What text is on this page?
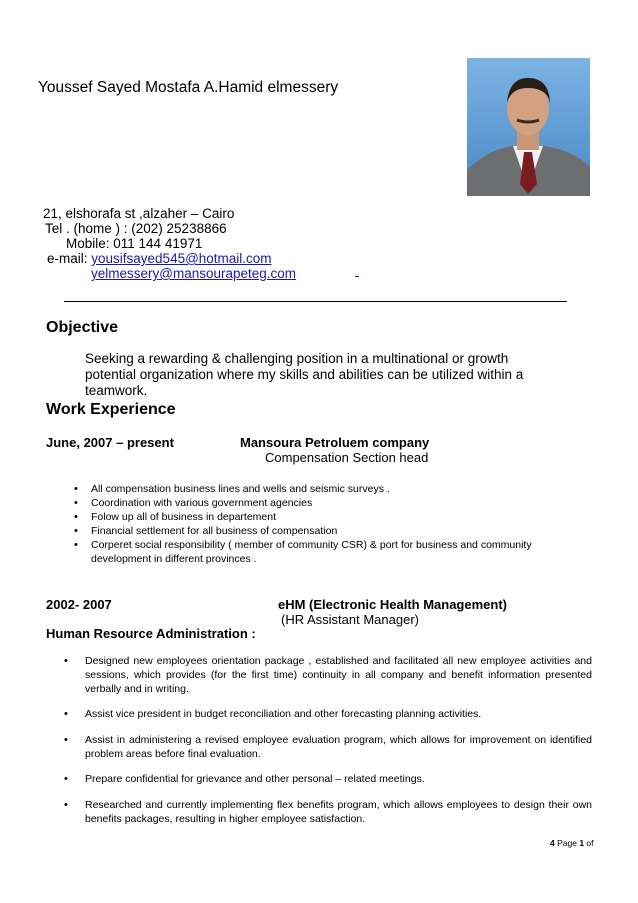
Youssef Sayed Mostafa A.Hamid elmessery
21, elshorafa st ,alzaher – Cairo
Tel . (home ) : (202) 25238866
Mobile: 011 144 41971
e-mail: yousifsayed545@hotmail.com
yelmessery@mansourapeteg.com
Objective
Seeking a rewarding & challenging position in a multinational or growth potential organization where my skills and abilities can be utilized within a teamwork.
Work Experience
June, 2007 – present	Mansoura Petroluem company
Compensation Section head
• All compensation business lines and wells and seismic surveys .
• Coordination with various government agencies
• Folow up all of business in departement
• Financial settlement for all business of compensation
• Corperet social responsibility ( member of community CSR) & port for business and community development in different provinces .
2002- 2007	eHM (Electronic Health Management)
(HR Assistant Manager)
Human Resource Administration :
• Designed new employees orientation package , established and facilitated all new employee activities and sessions, which provides (for the first time) continuity in all company and benefit information presented verbally and in writing.
• Assist vice president in budget reconciliation and other forecasting planning activities.
• Assist in administering a revised employee evaluation program, which allows for improvement on identified problem areas before final evaluation.
• Prepare confidential for grievance and other personal – related meetings.
• Researched and currently implementing flex benefits program, which allows employees to design their own benefits packages, resulting in higher employee satisfaction.
4 Page 1 of
